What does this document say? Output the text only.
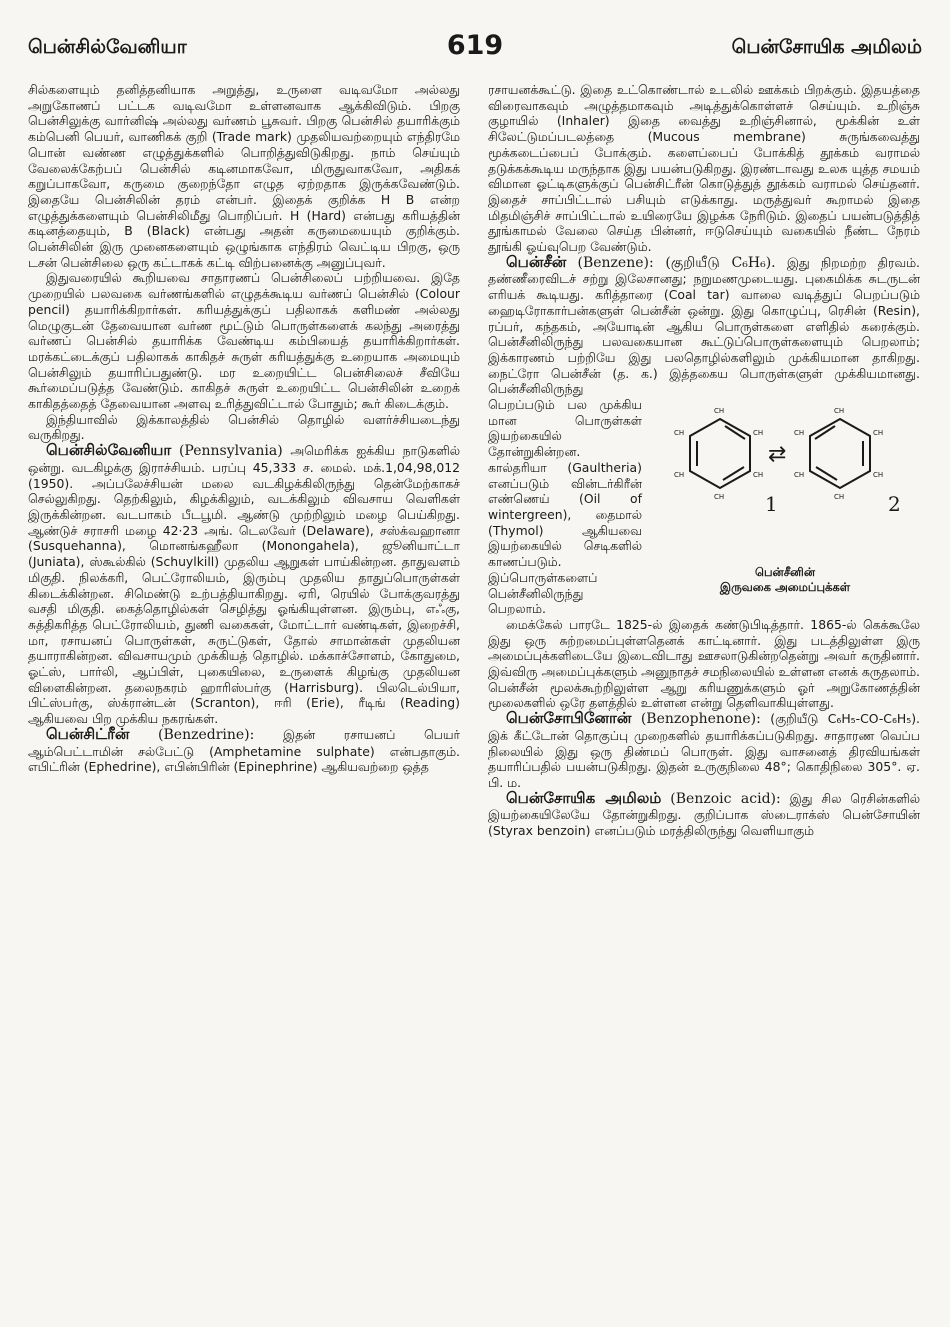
பென்சில்வேனியா	619	பென்சோயிக அமிலம்

சில்களையும் தனித்தனியாக அறுத்து, உருளை வடிவமோ அல்லது அறுகோணப் பட்டக வடிவமோ உள்ளனவாக ஆக்கிவிடும். பிறகு பென்சிலுக்கு வார்னிஷ் அல்லது வர்ணம் பூசுவர். பிறகு பென்சில் தயாரிக்கும் கம்பெனி பெயர், வாணிகக் குறி (Trade mark) முதலியவற்றையும் எந்திரமே பொன் வண்ண எழுத்துக்களில் பொறித்துவிடுகிறது. நாம் செய்யும் வேலைக்கேற்பப் பென்சில் கடினமாகவோ, மிருதுவாகவோ, அதிகக் கறுப்பாகவோ, கருமை குறைந்தோ எழுத ஏற்றதாக இருக்கவேண்டும். இதையே பென்சிலின் தரம் என்பர். இதைக் குறிக்க H B என்ற எழுத்துக்களையும் பென்சிலிமீது பொறிப்பர். H (Hard) என்பது கரியத்தின் கடினத்தையும், B (Black) என்பது அதன் கருமையையும் குறிக்கும். பென்சிலின் இரு முனைகளையும் ஒழுங்காக எந்திரம் வெட்டிய பிறகு, ஒரு டசன் பென்சிலை ஒரு கட்டாகக் கட்டி விற்பனைக்கு அனுப்புவர்.

இதுவரையில் கூறியவை சாதாரணப் பென்சிலைப் பற்றியவை. இதே முறையில் பலவகை வர்ணங்களில் எழுதக்கூடிய வர்ணப் பென்சில் (Colour pencil) தயாரிக்கிறார்கள். கரியத்துக்குப் பதிலாகக் களிமண் அல்லது மெழுகுடன் தேவையான வர்ண மூட்டும் பொருள்களைக் கலந்து அரைத்து வர்ணப் பென்சில் தயாரிக்க வேண்டிய கம்பியைத் தயாரிக்கிறார்கள். மரக்கட்டைக்குப் பதிலாகக் காகிதச் சுருள் கரியத்துக்கு உறையாக அமையும் பென்சிலும் தயாரிப்பதுண்டு. மர உறையிட்ட பென்சிலைச் சீவியே கூர்மைப்படுத்த வேண்டும். காகிதச் சுருள் உறையிட்ட பென்சிலின் உறைக் காகிதத்தைத் தேவையான அளவு உரித்துவிட்டால் போதும்; கூர் கிடைக்கும்.

இந்தியாவில் இக்காலத்தில் பென்சில் தொழில் வளர்ச்சியடைந்து வருகிறது.

பென்சில்வேனியா (Pennsylvania) அமெரிக்க ஐக்கிய நாடுகளில் ஒன்று. வடகிழக்கு இராச்சியம். பரப்பு 45,333 ச. மைல். மக்.1,04,98,012 (1950). அப்பலேச்சியன் மலை வடகிழக்கிலிருந்து தென்மேற்காகச் செல்லுகிறது. தெற்கிலும், கிழக்கிலும், வடக்கிலும் விவசாய வெளிகள் இருக்கின்றன. வடபாகம் பீடபூமி. ஆண்டு முற்றிலும் மழை பெய்கிறது. ஆண்டுச் சராசரி மழை 42·23 அங். டெலவேர் (Delaware), சஸ்க்வஹானா (Susquehanna), மொனங்கஹீலா (Monongahela), ஜூனியாட்டா (Juniata), ஸ்கூல்கில் (Schuylkill) முதலிய ஆறுகள் பாய்கின்றன. தாதுவளம் மிகுதி. நிலக்கரி, பெட்ரோலியம், இரும்பு முதலிய தாதுப்பொருள்கள் கிடைக்கின்றன. சிமெண்டு உற்பத்தியாகிறது. ஏரி, ரெயில் போக்குவரத்து வசதி மிகுதி. கைத்தொழில்கள் செழித்து ஓங்கியுள்ளன. இரும்பு, எஃகு, சுத்திகரித்த பெட்ரோலியம், துணி வகைகள், மோட்டார் வண்டிகள், இறைச்சி, மா, ரசாயனப் பொருள்கள், சுருட்டுகள், தோல் சாமான்கள் முதலியன தயாராகின்றன. விவசாயமும் முக்கியத் தொழில். மக்காச்சோளம், கோதுமை, ஓட்ஸ், பார்லி, ஆப்பிள், புகையிலை, உருளைக் கிழங்கு முதலியன விளைகின்றன. தலைநகரம் ஹாரிஸ்பர்கு (Harrisburg). பிலடெல்பியா, பிட்ஸ்பர்கு, ஸ்க்ரான்டன் (Scranton), ஈரி (Erie), ரீடிங் (Reading) ஆகியவை பிற முக்கிய நகரங்கள்.

பென்சிட்ரீன் (Benzedrine): இதன் ரசாயனப் பெயர் ஆம்பெட்டாமின் சல்பேட்டு (Amphetamine sulphate) என்பதாகும். எபிட்ரின் (Ephedrine), எபின்பிரின் (Epinephrine) ஆகியவற்றை ஒத்த

ரசாயனக்கூட்டு. இதை உட்கொண்டால் உடலில் ஊக்கம் பிறக்கும். இதயத்தை விரைவாகவும் அழுத்தமாகவும் அடித்துக்கொள்ளச் செய்யும். உறிஞ்சு குழாயில் (Inhaler) இதை வைத்து உறிஞ்சினால், மூக்கின் உள் சிலேட்டுமப்படலத்தை (Mucous membrane) சுருங்கவைத்து மூக்கடைப்பைப் போக்கும். களைப்பைப் போக்கித் தூக்கம் வராமல் தடுக்கக்கூடிய மருந்தாக இது பயன்படுகிறது. இரண்டாவது உலக யுத்த சமயம் விமான ஓட்டிகளுக்குப் பென்சிட்ரீன் கொடுத்துத் தூக்கம் வராமல் செய்தனர். இதைச் சாப்பிட்டால் பசியும் எடுக்காது. மருத்துவர் கூறாமல் இதை மிதமிஞ்சிச் சாப்பிட்டால் உயிரையே இழக்க நேரிடும். இதைப் பயன்படுத்தித் தூங்காமல் வேலை செய்த பின்னர், ஈடுசெய்யும் வகையில் நீண்ட நேரம் தூங்கி ஓய்வுபெற வேண்டும்.

பென்சீன் (Benzene): (குறியீடு C₆H₆). இது நிறமற்ற திரவம். தண்ணீரைவிடச் சற்று இலேசானது; நறுமணமுடையது. புகைமிக்க சுடருடன் எரியக் கூடியது. கரித்தாரை (Coal tar) வாலை வடித்துப் பெறப்படும் ஹைடிரோகார்பன்களுள் பென்சீன் ஒன்று. இது கொழுப்பு, ரெசின் (Resin), ரப்பர், கந்தகம், அயோடின் ஆகிய பொருள்களை எளிதில் கரைக்கும். பென்சீனிலிருந்து பலவகையான கூட்டுப்பொருள்களையும் பெறலாம்; இக்காரணம் பற்றியே இது பலதொழில்களிலும் முக்கியமான தாகிறது. நைட்ரோ பென்சீன் (த. க.) இத்தகைய பொருள்களுள் முக்கியமானது. பென்சீனிலிருந்து

CH
CH
CH
CH
CH
CH
CH
CH
CH
CH
CH
CH
⇄
1	2
பென்சீனின்
இருவகை அமைப்புக்கள்

பெறப்படும் பல முக்கிய மான பொருள்கள் இயற்கையில் தோன்றுகின்றன. கால்தரியா (Gaultheria) எனப்படும் வின்டர்கிரீன் எண்ணெய் (Oil of wintergreen), தைமால் (Thymol) ஆகியவை இயற்கையில் செடிகளில் காணப்படும். இப்பொருள்களைப் பென்சீனிலிருந்து பெறலாம்.

மைக்கேல் பாரடே 1825-ல் இதைக் கண்டுபிடித்தார். 1865-ல் கெக்கூலே இது ஒரு சுற்றமைப்புள்ளதெனக் காட்டினார். இது படத்திலுள்ள இரு அமைப்புக்களிடையே இடைவிடாது ஊசலாடுகின்றதென்று அவர் கருதினார். இவ்விரு அமைப்புக்களும் அனுநாதச் சமநிலையில் உள்ளன எனக் கருதலாம். பென்சீன் மூலக்கூற்றிலுள்ள ஆறு கரியணுக்களும் ஓர் அறுகோணத்தின் மூலைகளில் ஒரே தளத்தில் உள்ளன என்று தெளிவாகியுள்ளது.

பென்சோபினோன் (Benzophenone): (குறியீடு C₆H₅-CO-C₆H₅). இக் கீட்டோன் தொகுப்பு முறைகளில் தயாரிக்கப்படுகிறது. சாதாரண வெப்ப நிலையில் இது ஒரு திண்மப் பொருள். இது வாசனைத் திரவியங்கள் தயாரிப்பதில் பயன்படுகிறது. இதன் உருகுநிலை 48°; கொதிநிலை 305°. ஏ. பி. ம.

பென்சோயிக அமிலம் (Benzoic acid): இது சில ரெசின்களில் இயற்கையிலேயே தோன்றுகிறது. குறிப்பாக ஸ்டைராக்ஸ் பென்சோயின் (Styrax benzoin) எனப்படும் மரத்திலிருந்து வெளியாகும்
